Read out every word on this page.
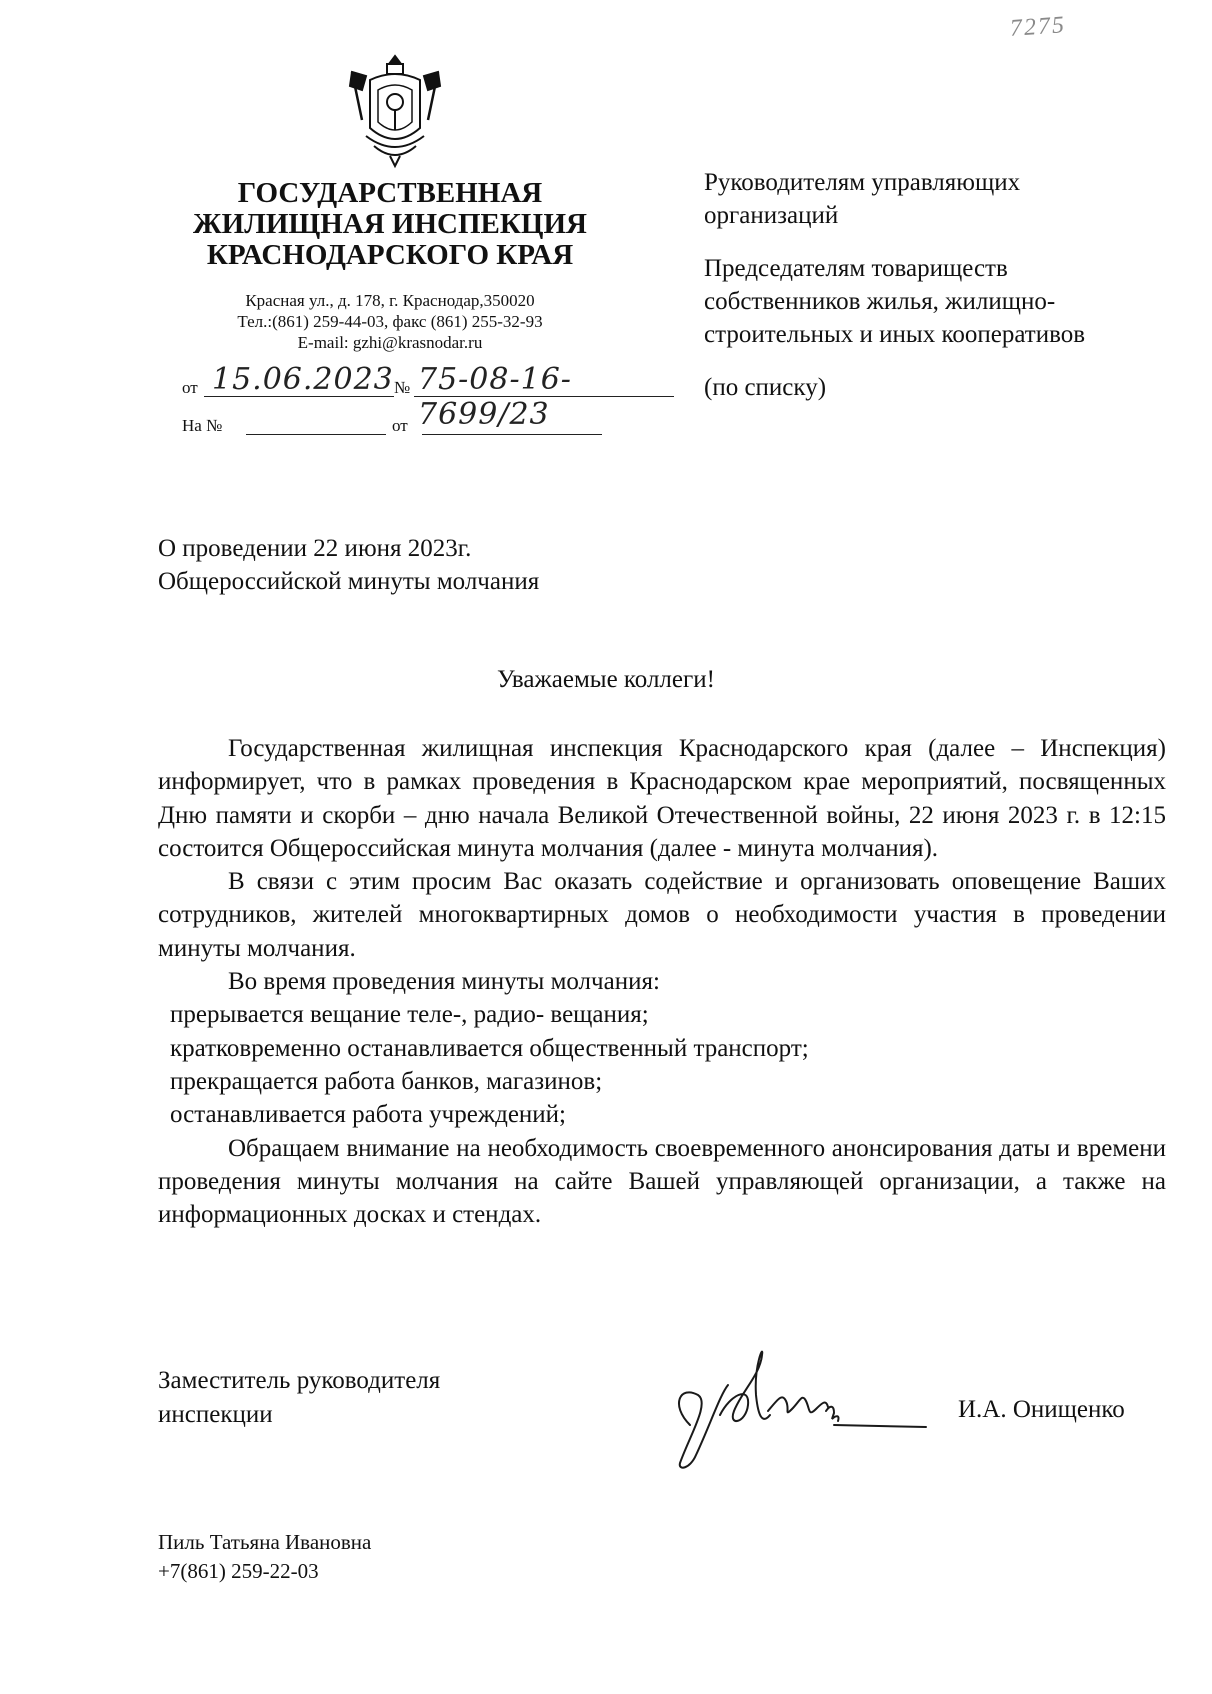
7275
ГОСУДАРСТВЕННАЯ
ЖИЛИЩНАЯ ИНСПЕКЦИЯ
КРАСНОДАРСКОГО КРАЯ
Красная ул., д. 178, г. Краснодар,350020
Тел.:(861) 259-44-03, факс (861) 255-32-93
E-mail: gzhi@krasnodar.ru
от 15.06.2023 № 75-08-16-7699/23
На №	от

Руководителям управляющих организаций

Председателям товариществ собственников жилья, жилищно-строительных и иных кооперативов

(по списку)

О проведении 22 июня 2023г.
Общероссийской минуты молчания
Уважаемые коллеги!

Государственная жилищная инспекция Краснодарского края (далее – Инспекция) информирует, что в рамках проведения в Краснодарском крае мероприятий, посвященных Дню памяти и скорби – дню начала Великой Отечественной войны, 22 июня 2023 г. в 12:15 состоится Общероссийская минута молчания (далее - минута молчания).

В связи с этим просим Вас оказать содействие и организовать оповещение Ваших сотрудников, жителей многоквартирных домов о необходимости участия в проведении минуты молчания.

Во время проведения минуты молчания:

прерывается вещание теле-, радио- вещания;

кратковременно останавливается общественный транспорт;

прекращается работа банков, магазинов;

останавливается работа учреждений;

Обращаем внимание на необходимость своевременного анонсирования даты и времени проведения минуты молчания на сайте Вашей управляющей организации, а также на информационных досках и стендах.

Заместитель руководителя
инспекции	И.А. Онищенко
Пиль Татьяна Ивановна
+7(861) 259-22-03
